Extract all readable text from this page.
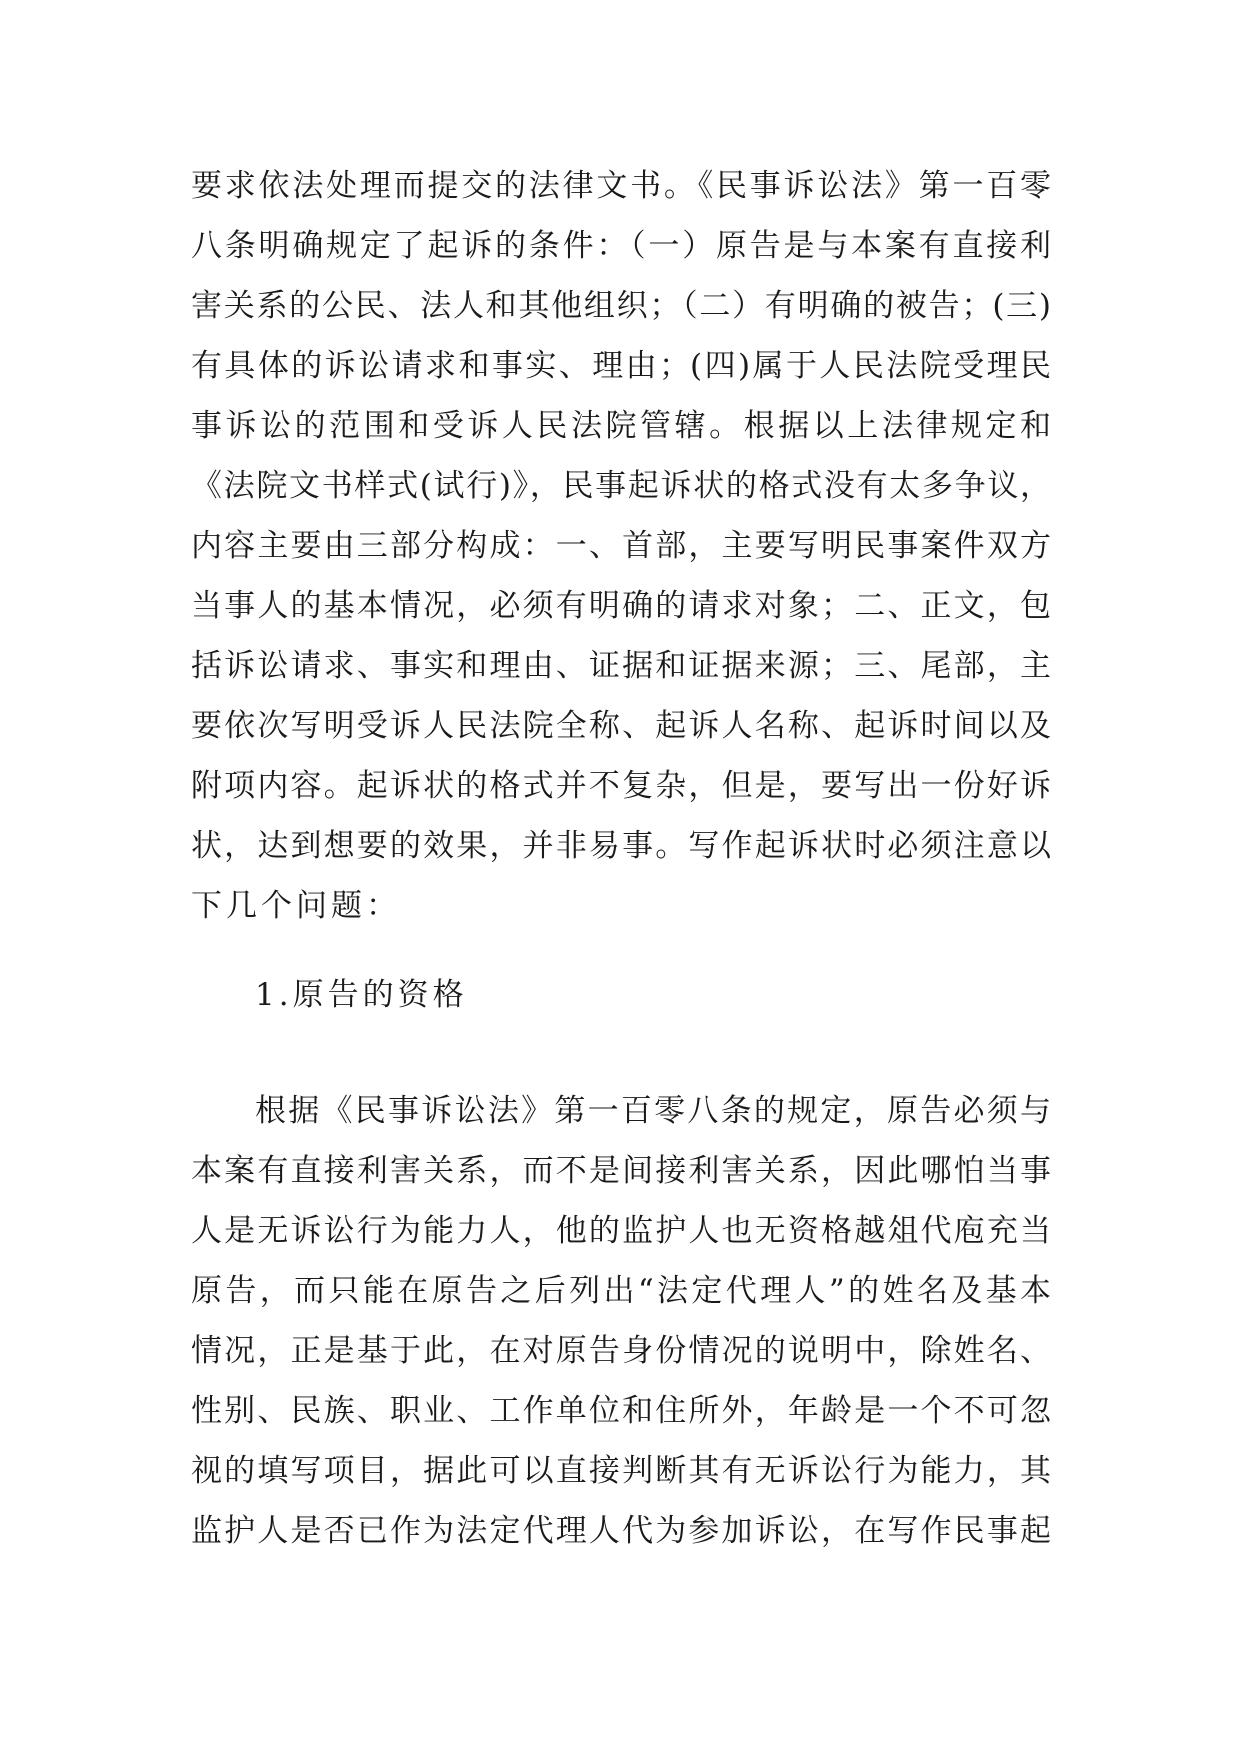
要求依法处理而提交的法律文书。《民事诉讼法》第一百零
八条明确规定了起诉的条件：（一）原告是与本案有直接利
害关系的公民、法人和其他组织；（二）有明确的被告；(三)
有具体的诉讼请求和事实、理由；(四)属于人民法院受理民
事诉讼的范围和受诉人民法院管辖。根据以上法律规定和
《法院文书样式(试行)》，民事起诉状的格式没有太多争议，
内容主要由三部分构成：一、首部，主要写明民事案件双方
当事人的基本情况，必须有明确的请求对象；二、正文，包
括诉讼请求、事实和理由、证据和证据来源；三、尾部，主
要依次写明受诉人民法院全称、起诉人名称、起诉时间以及
附项内容。起诉状的格式并不复杂，但是，要写出一份好诉
状，达到想要的效果，并非易事。写作起诉状时必须注意以
下几个问题：
1.原告的资格
根据《民事诉讼法》第一百零八条的规定，原告必须与
本案有直接利害关系，而不是间接利害关系，因此哪怕当事
人是无诉讼行为能力人，他的监护人也无资格越俎代庖充当
原告，而只能在原告之后列出“法定代理人”的姓名及基本
情况，正是基于此，在对原告身份情况的说明中，除姓名、
性别、民族、职业、工作单位和住所外，年龄是一个不可忽
视的填写项目，据此可以直接判断其有无诉讼行为能力，其
监护人是否已作为法定代理人代为参加诉讼，在写作民事起
